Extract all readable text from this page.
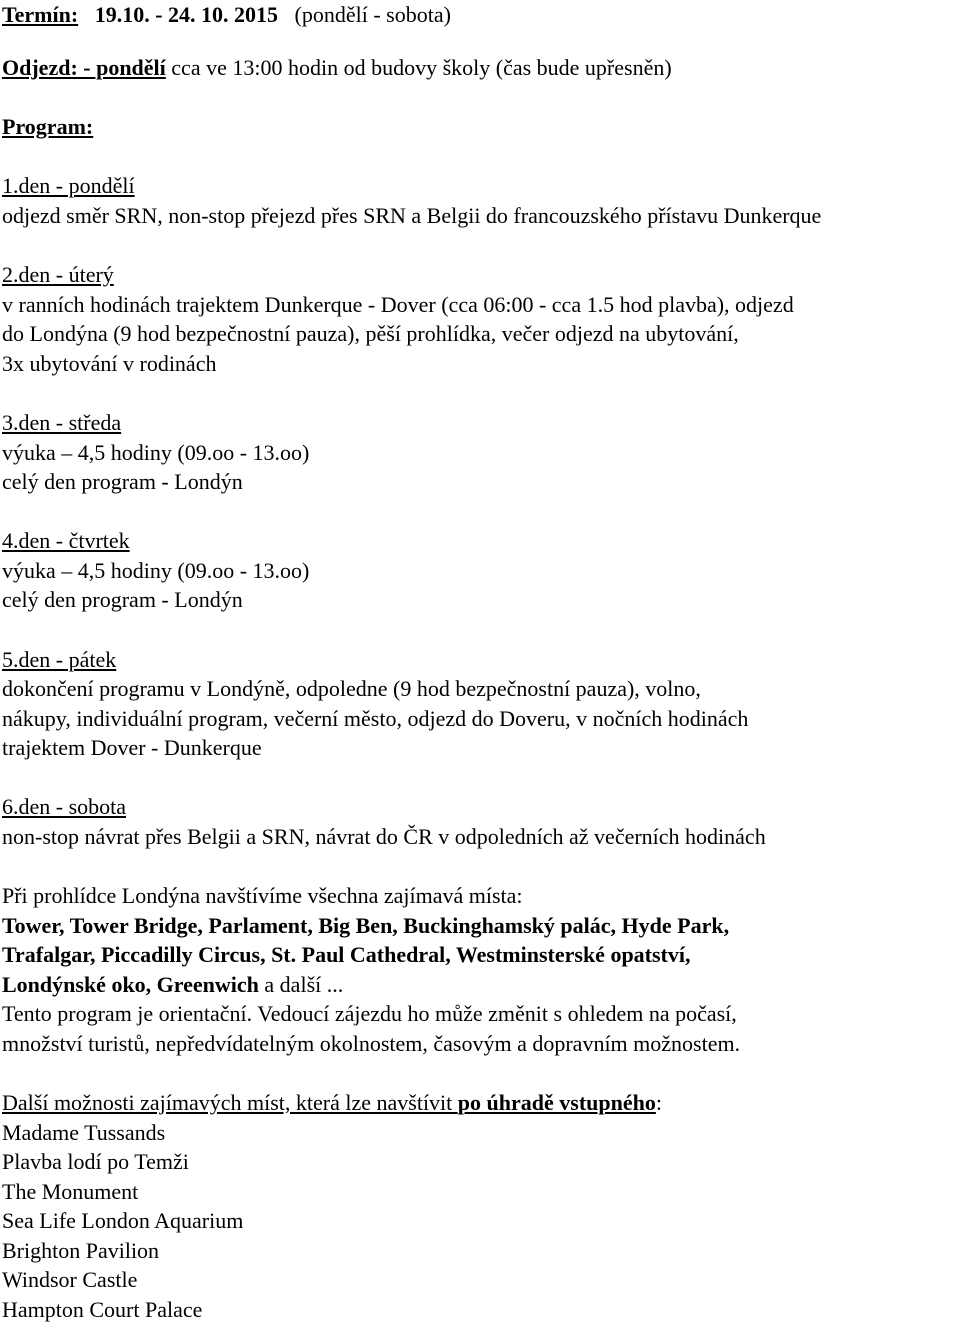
Termín: 19.10. - 24. 10. 2015 (pondělí - sobota)
Odjezd: - pondělí cca ve 13:00 hodin od budovy školy (čas bude upřesněn)
Program:
1.den - pondělí
odjezd směr SRN, non-stop přejezd přes SRN a Belgii do francouzského přístavu Dunkerque
2.den - úterý
v ranních hodinách trajektem Dunkerque - Dover (cca 06:00 - cca 1.5 hod plavba), odjezd
do Londýna (9 hod bezpečnostní pauza), pěší prohlídka, večer odjezd na ubytování,
3x ubytování v rodinách
3.den - středa
výuka – 4,5 hodiny (09.oo - 13.oo)
celý den program - Londýn
4.den - čtvrtek
výuka – 4,5 hodiny (09.oo - 13.oo)
celý den program - Londýn
5.den - pátek
dokončení programu v Londýně, odpoledne (9 hod bezpečnostní pauza), volno,
nákupy, individuální program, večerní město, odjezd do Doveru, v nočních hodinách
trajektem Dover - Dunkerque
6.den - sobota
non-stop návrat přes Belgii a SRN, návrat do ČR v odpoledních až večerních hodinách
Při prohlídce Londýna navštívíme všechna zajímavá místa:
Tower, Tower Bridge, Parlament, Big Ben, Buckinghamský palác, Hyde Park,
Trafalgar, Piccadilly Circus, St. Paul Cathedral, Westminsterské opatství,
Londýnské oko, Greenwich a další ...
Tento program je orientační. Vedoucí zájezdu ho může změnit s ohledem na počasí,
množství turistů, nepředvídatelným okolnostem, časovým a dopravním možnostem.
Další možnosti zajímavých míst, která lze navštívit po úhradě vstupného:
Madame Tussands
Plavba lodí po Temži
The Monument
Sea Life London Aquarium
Brighton Pavilion
Windsor Castle
Hampton Court Palace
